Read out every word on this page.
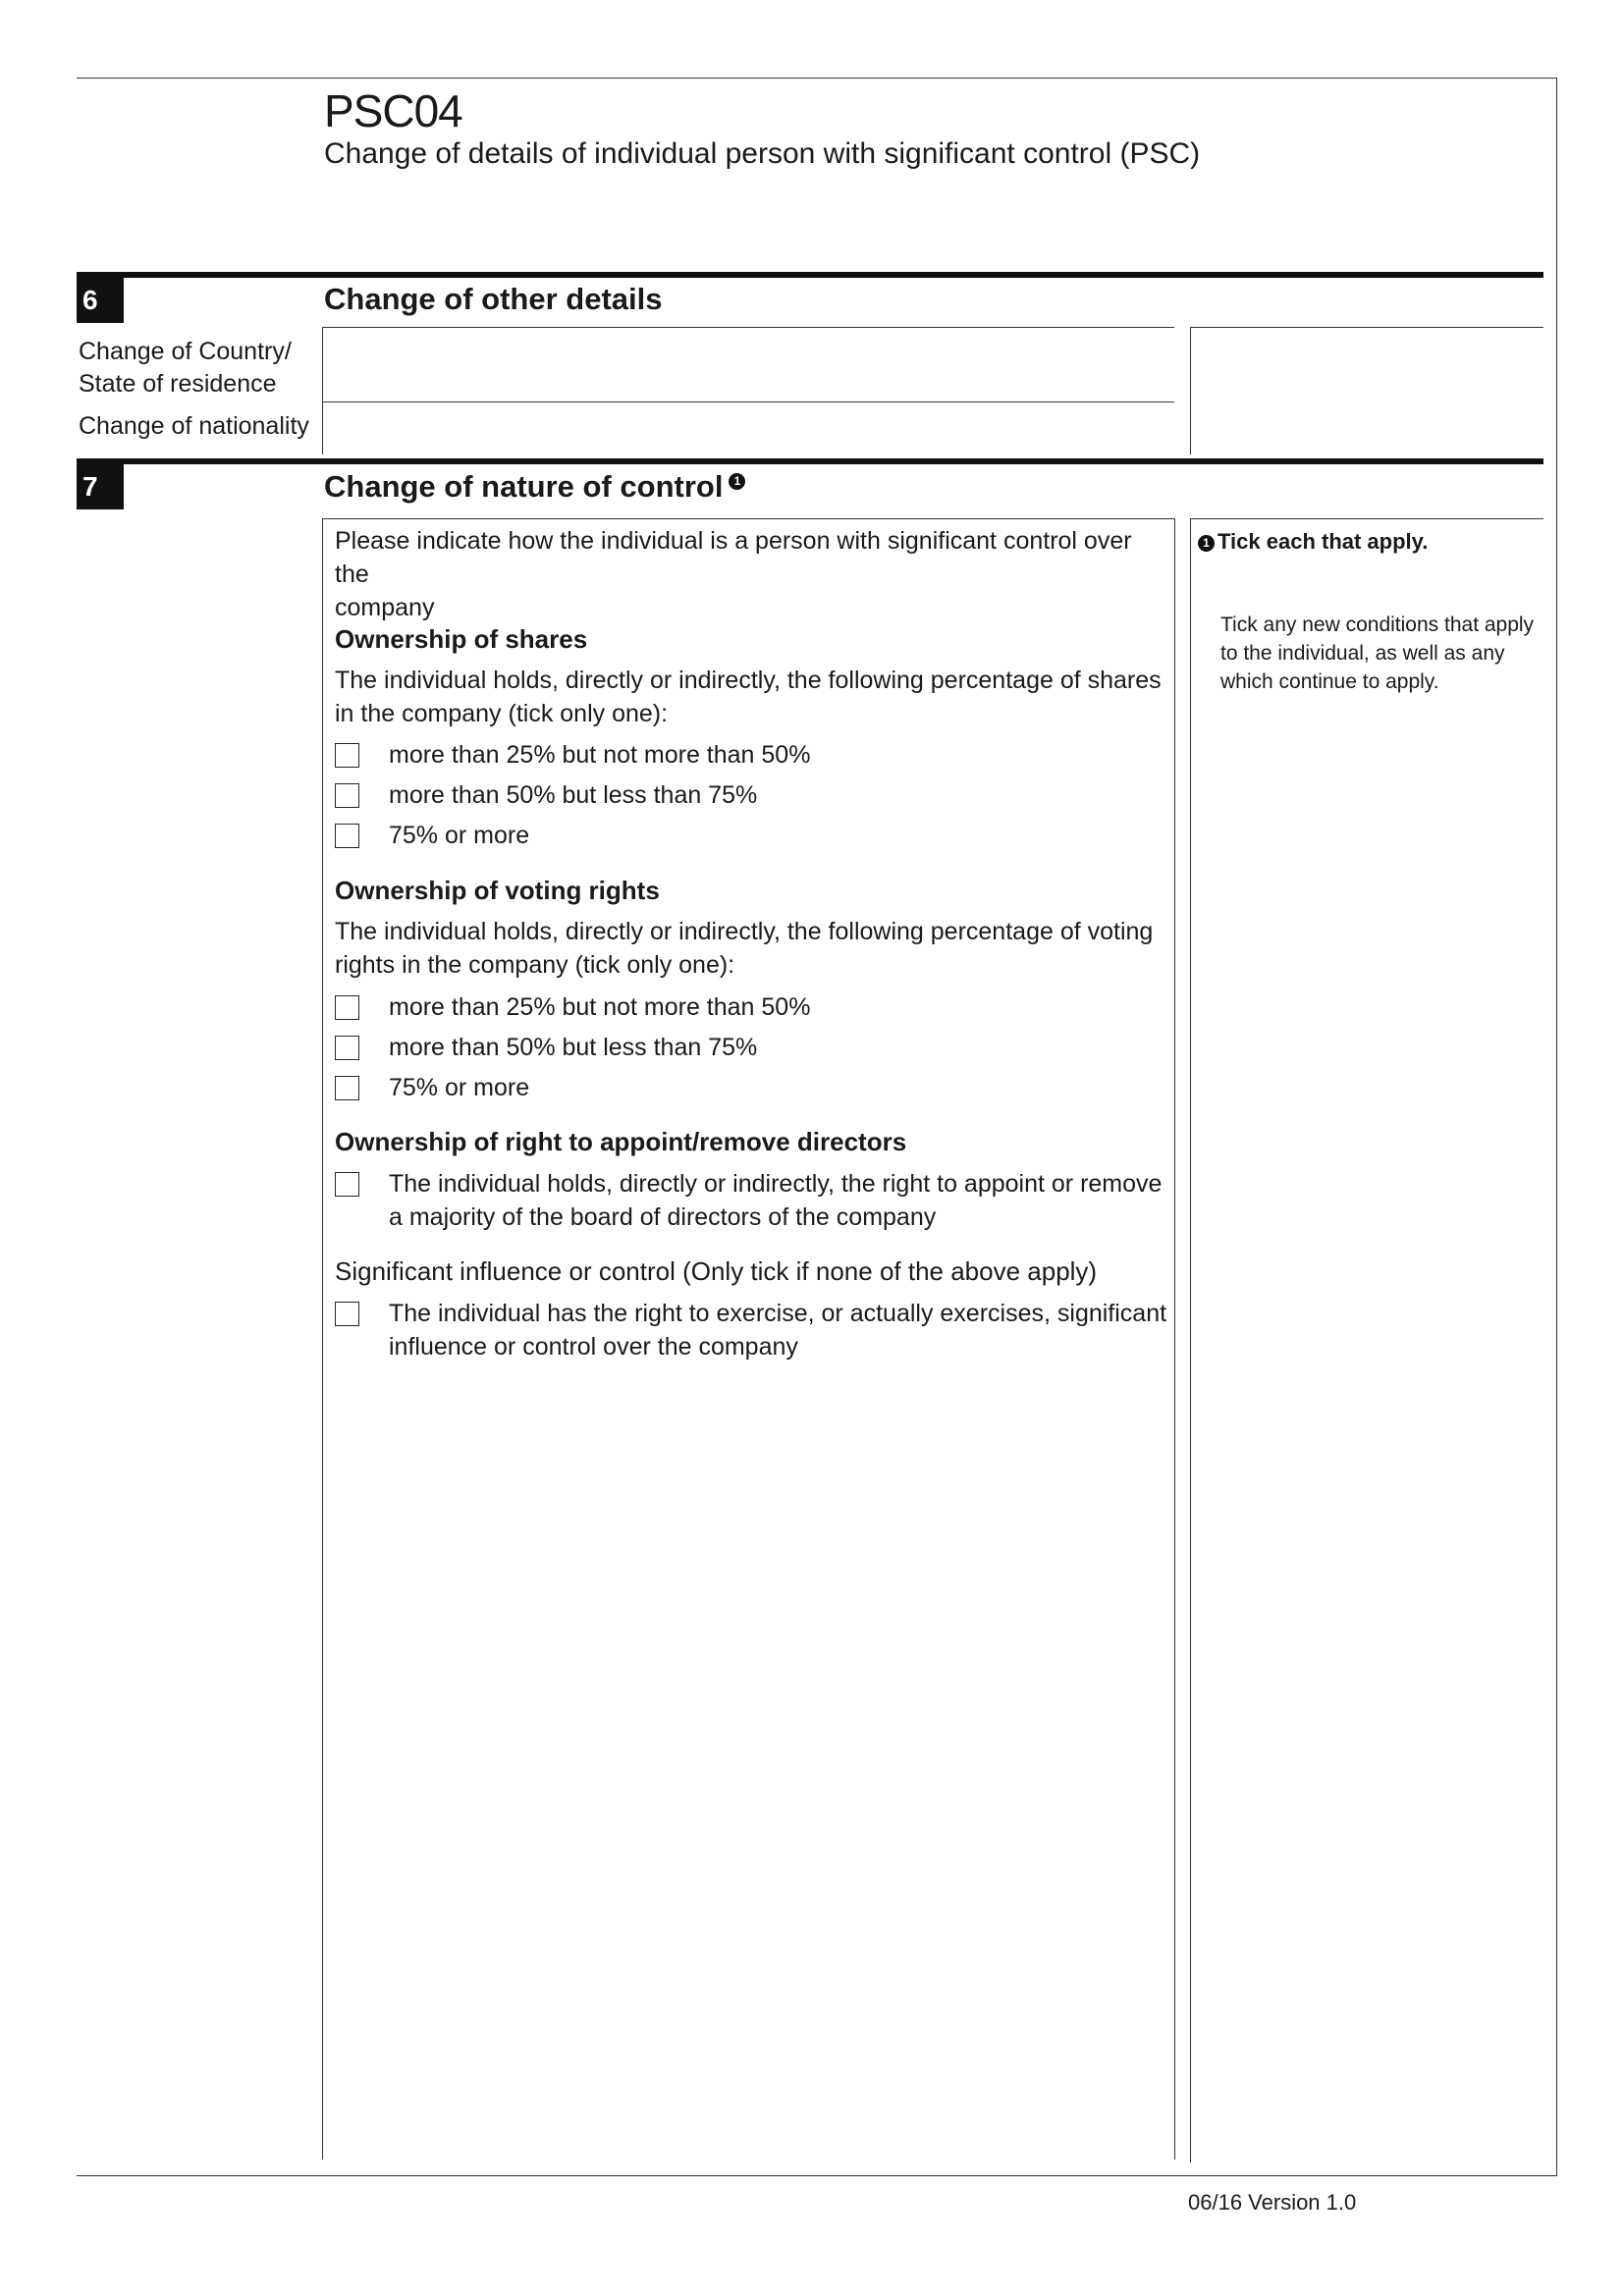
PSC04
Change of details of individual person with significant control (PSC)
6	Change of other details
Change of Country/
State of residence
Change of nationality
7	Change of nature of control 1
Please indicate how the individual is a person with significant control over the
company
Ownership of shares
The individual holds, directly or indirectly, the following percentage of shares
in the company (tick only one):
more than 25% but not more than 50%
more than 50% but less than 75%
75% or more
Ownership of voting rights
The individual holds, directly or indirectly, the following percentage of voting
rights in the company (tick only one):
more than 25% but not more than 50%
more than 50% but less than 75%
75% or more
Ownership of right to appoint/remove directors
The individual holds, directly or indirectly, the right to appoint or remove
a majority of the board of directors of the company
Significant influence or control (Only tick if none of the above apply)
The individual has the right to exercise, or actually exercises, significant
influence or control over the company
1 Tick each that apply.
Tick any new conditions that apply
to the individual, as well as any
which continue to apply.
06/16 Version 1.0
